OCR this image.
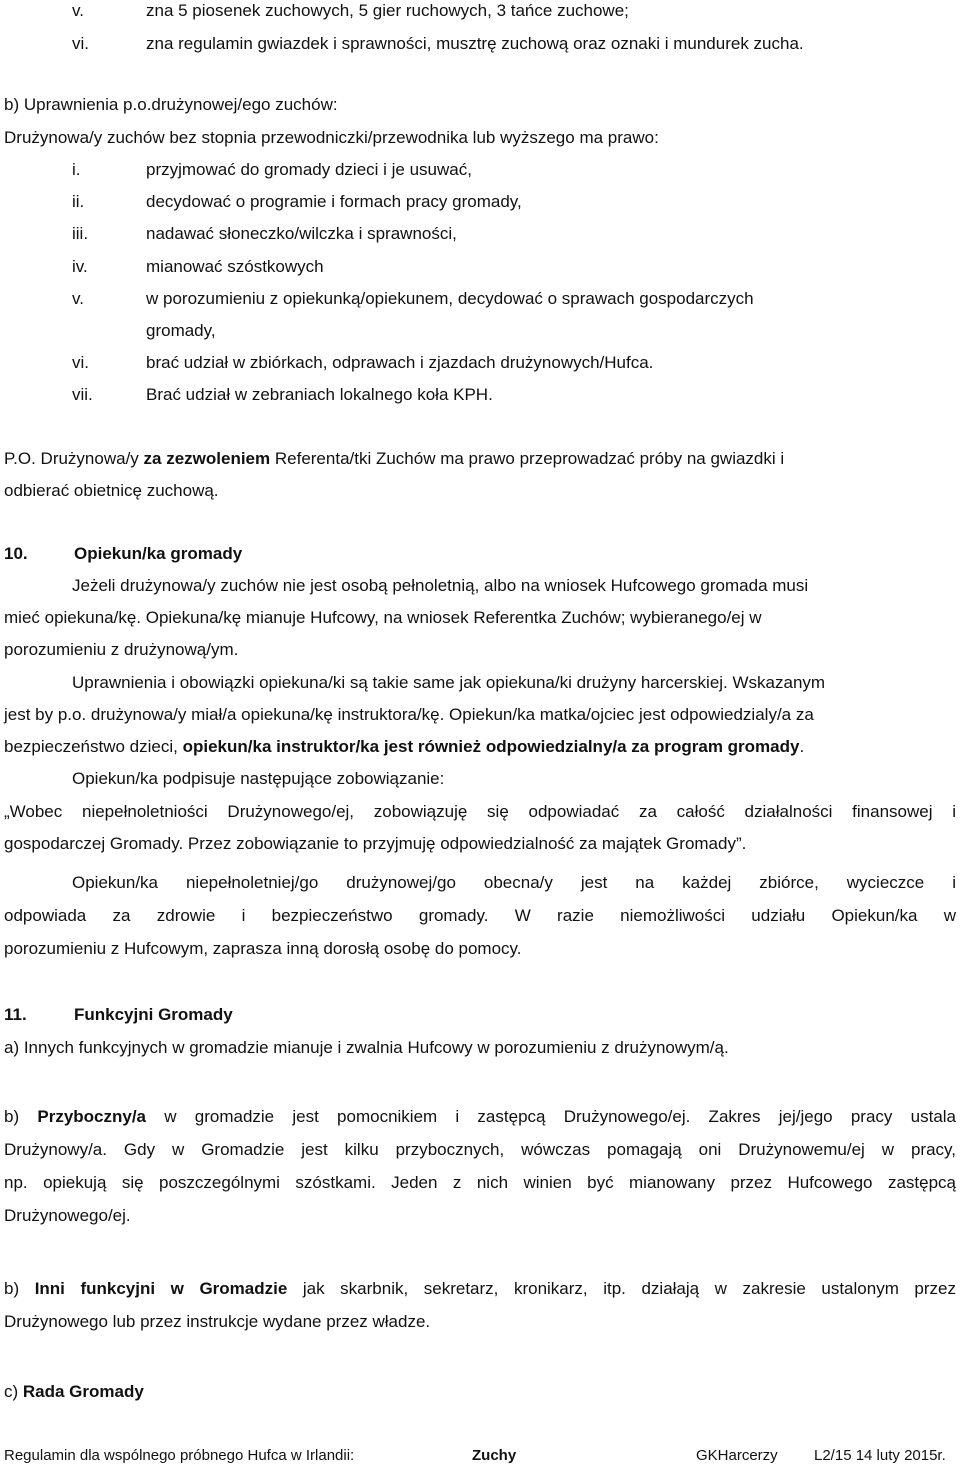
v.	zna 5 piosenek zuchowych, 5 gier ruchowych, 3 tańce zuchowe;
vi.	zna regulamin gwiazdek i sprawności, musztrę zuchową oraz oznaki i mundurek zucha.
b) Uprawnienia p.o.drużynowej/ego zuchów:
Drużynowa/y zuchów bez stopnia przewodniczki/przewodnika lub wyższego ma prawo:
i.	przyjmować do gromady dzieci i je usuwać,
ii.	decydować o programie i formach pracy gromady,
iii.	nadawać słoneczko/wilczka i sprawności,
iv.	mianować szóstkowych
v.	w porozumieniu z opiekunką/opiekunem, decydować o sprawach gospodarczych
gromady,
vi.	brać udział w zbiórkach, odprawach i zjazdach drużynowych/Hufca.
vii.	Brać udział w zebraniach lokalnego koła KPH.
P.O. Drużynowa/y za zezwoleniem Referenta/tki Zuchów ma prawo przeprowadzać próby na gwiazdki i
odbierać obietnicę zuchową.
10.	Opiekun/ka gromady
Jeżeli drużynowa/y zuchów nie jest osobą pełnoletnią, albo na wniosek Hufcowego gromada musi
mieć opiekuna/kę. Opiekuna/kę mianuje Hufcowy, na wniosek Referentka Zuchów; wybieranego/ej w
porozumieniu z drużynową/ym.
Uprawnienia i obowiązki opiekuna/ki są takie same jak opiekuna/ki drużyny harcerskiej. Wskazanym
jest by p.o. drużynowa/y miał/a opiekuna/kę instruktora/kę. Opiekun/ka matka/ojciec jest odpowiedzialy/a za
bezpieczeństwo dzieci, opiekun/ka instruktor/ka jest również odpowiedzialny/a za program gromady.
Opiekun/ka podpisuje następujące zobowiązanie:
„Wobec niepełnoletniości Drużynowego/ej, zobowiązuję się odpowiadać za całość działalności finansowej i
gospodarczej Gromady. Przez zobowiązanie to przyjmuję odpowiedzialność za majątek Gromady”.
Opiekun/ka niepełnoletniej/go drużynowej/go obecna/y jest na każdej zbiórce, wycieczce i
odpowiada za zdrowie i bezpieczeństwo gromady. W razie niemożliwości udziału Opiekun/ka w
porozumieniu z Hufcowym, zaprasza inną dorosłą osobę do pomocy.
11.	Funkcyjni Gromady
a) Innych funkcyjnych w gromadzie mianuje i zwalnia Hufcowy w porozumieniu z drużynowym/ą.
b) Przyboczny/a w gromadzie jest pomocnikiem i zastępcą Drużynowego/ej. Zakres jej/jego pracy ustala
Drużynowy/a. Gdy w Gromadzie jest kilku przybocznych, wówczas pomagają oni Drużynowemu/ej w pracy,
np. opiekują się poszczególnymi szóstkami. Jeden z nich winien być mianowany przez Hufcowego zastępcą
Drużynowego/ej.
b) Inni funkcyjni w Gromadzie jak skarbnik, sekretarz, kronikarz, itp. działają w zakresie ustalonym przez
Drużynowego lub przez instrukcje wydane przez władze.
c) Rada Gromady
Regulamin dla wspólnego próbnego Hufca w Irlandii:	Zuchy	GKHarcerzy L2/15 14 luty 2015r.
